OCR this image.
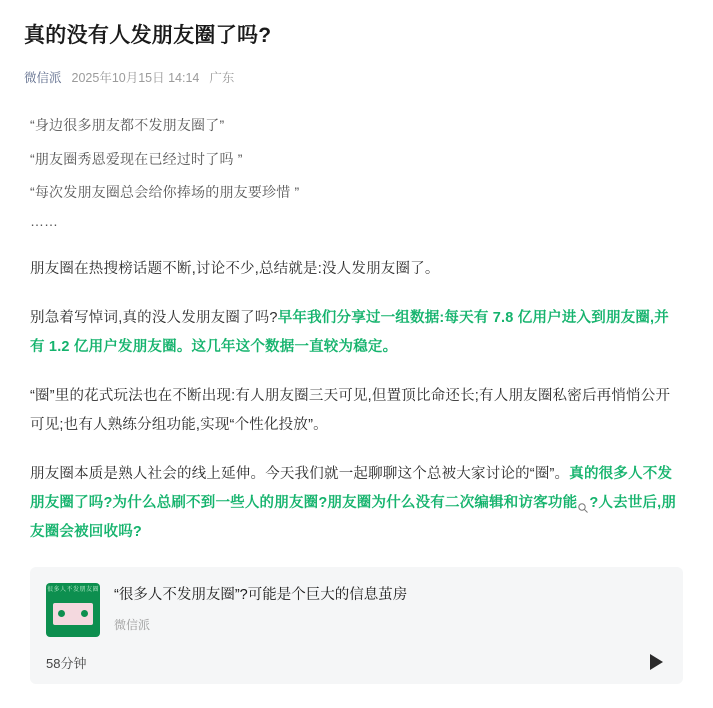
真的没有人发朋友圈了吗?
微信派 2025年10月15日 14:14 广东

“身边很多朋友都不发朋友圈了”

“朋友圈秀恩爱现在已经过时了吗 ”

“每次发朋友圈总会给你捧场的朋友要珍惜 ”

……

朋友圈在热搜榜话题不断,讨论不少,总结就是:没人发朋友圈了。

别急着写悼词,真的没人发朋友圈了吗?早年我们分享过一组数据:每天有 7.8 亿用户进入到朋友圈,并有 1.2 亿用户发朋友圈。这几年这个数据一直较为稳定。

“圈”里的花式玩法也在不断出现:有人朋友圈三天可见,但置顶比命还长;有人朋友圈私密后再悄悄公开可见;也有人熟练分组功能,实现“个性化投放”。

朋友圈本质是熟人社会的线上延伸。今天我们就一起聊聊这个总被大家讨论的“圈”。真的很多人不发朋友圈了吗?为什么总刷不到一些人的朋友圈?朋友圈为什么没有二次编辑和访客功能 ?人去世后,朋友圈会被回收吗?

很多人不发朋友圈 “很多人不发朋友圈”?可能是个巨大的信息茧房
微信派
58分钟
